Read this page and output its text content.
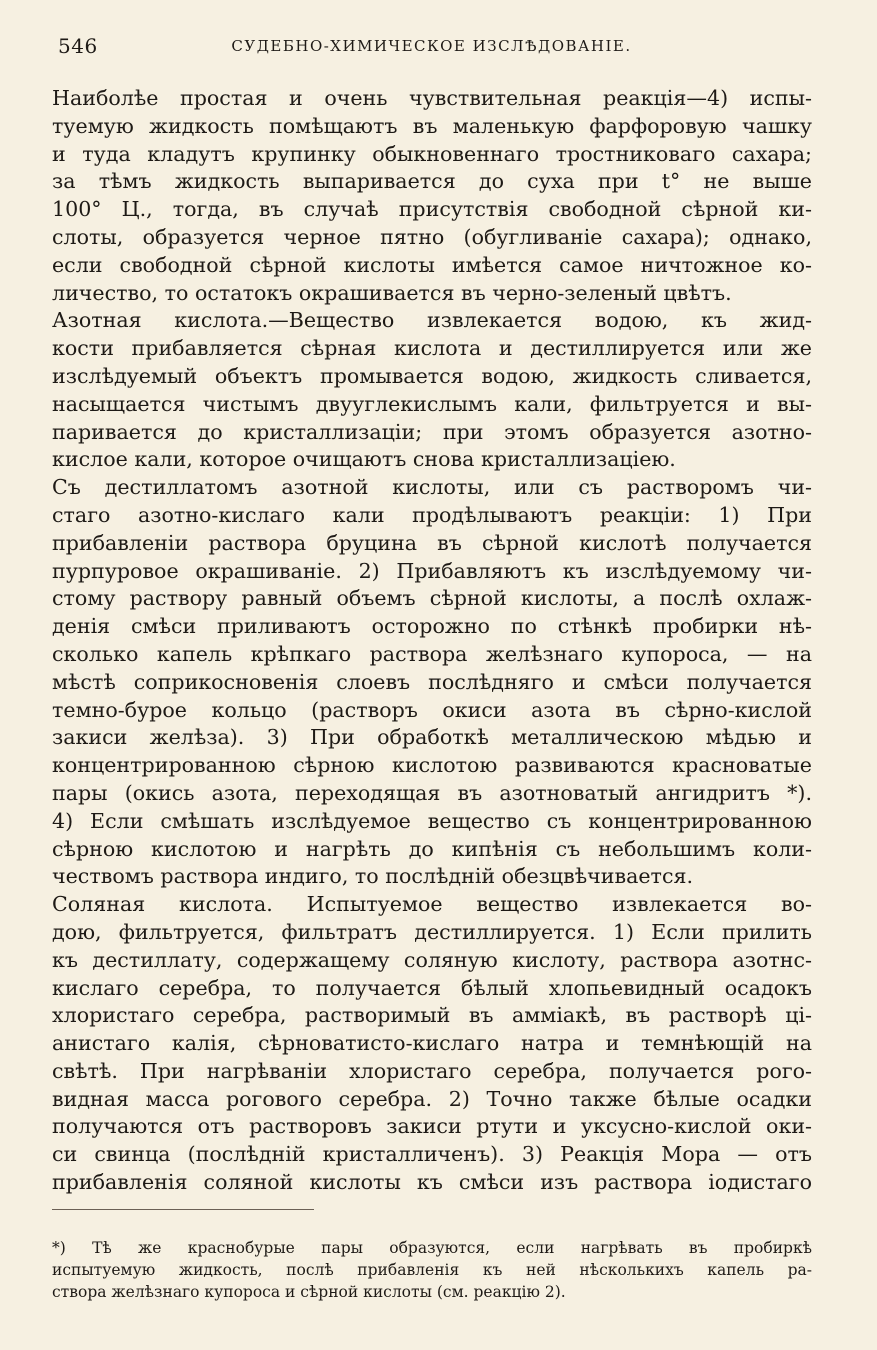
546	СУДЕБНО-ХИМИЧЕСКОЕ ИЗСЛѢДОВАНІЕ.
Наиболѣе простая и очень чувствительная реакція—4) испы-
туемую жидкость помѣщаютъ въ маленькую фарфоровую чашку
и туда кладутъ крупинку обыкновеннаго тростниковаго сахара;
за тѣмъ жидкость выпаривается до суха при t° не выше
100° Ц., тогда, въ случаѣ присутствія свободной сѣрной ки-
слоты, образуется черное пятно (обугливаніе сахара); однако,
если свободной сѣрной кислоты имѣется самое ничтожное ко-
личество, то остатокъ окрашивается въ черно-зеленый цвѣтъ.
Азотная кислота.—Вещество извлекается водою, къ жид-
кости прибавляется сѣрная кислота и дестиллируется или же
изслѣдуемый объектъ промывается водою, жидкость сливается,
насыщается чистымъ двууглекислымъ кали, фильтруется и вы-
паривается до кристаллизаціи; при этомъ образуется азотно-
кислое кали, которое очищаютъ снова кристаллизаціею.
Съ дестиллатомъ азотной кислоты, или съ растворомъ чи-
стаго азотно-кислаго кали продѣлываютъ реакціи: 1) При
прибавленіи раствора бруцина въ сѣрной кислотѣ получается
пурпуровое окрашиваніе. 2) Прибавляютъ къ изслѣдуемому чи-
стому раствору равный объемъ сѣрной кислоты, а послѣ охлаж-
денія смѣси приливаютъ осторожно по стѣнкѣ пробирки нѣ-
сколько капель крѣпкаго раствора желѣзнаго купороса, — на
мѣстѣ соприкосновенія слоевъ послѣдняго и смѣси получается
темно-бурое кольцо (растворъ окиси азота въ сѣрно-кислой
закиси желѣза). 3) При обработкѣ металлическою мѣдью и
концентрированною сѣрною кислотою развиваются красноватые
пары (окись азота, переходящая въ азотноватый ангидритъ *).
4) Если смѣшать изслѣдуемое вещество съ концентрированною
сѣрною кислотою и нагрѣть до кипѣнія съ небольшимъ коли-
чествомъ раствора индиго, то послѣдній обезцвѣчивается.
Соляная кислота. Испытуемое вещество извлекается во-
дою, фильтруется, фильтратъ дестиллируется. 1) Если прилить
къ дестиллату, содержащему соляную кислоту, раствора азотнс-
кислаго серебра, то получается бѣлый хлопьевидный осадокъ
хлористаго серебра, растворимый въ амміакѣ, въ растворѣ ці-
анистаго калія, сѣрноватисто-кислаго натра и темнѣющій на
свѣтѣ. При нагрѣваніи хлористаго серебра, получается рого-
видная масса рогового серебра. 2) Точно также бѣлые осадки
получаются отъ растворовъ закиси ртути и уксусно-кислой оки-
си свинца (послѣдній кристалличенъ). 3) Реакція Мора — отъ
прибавленія соляной кислоты къ смѣси изъ раствора іодистаго
*) Тѣ же краснобурые пары образуются, если нагрѣвать въ пробиркѣ
испытуемую жидкость, послѣ прибавленія къ ней нѣсколькихъ капель ра-
створа желѣзнаго купороса и сѣрной кислоты (см. реакцію 2).
